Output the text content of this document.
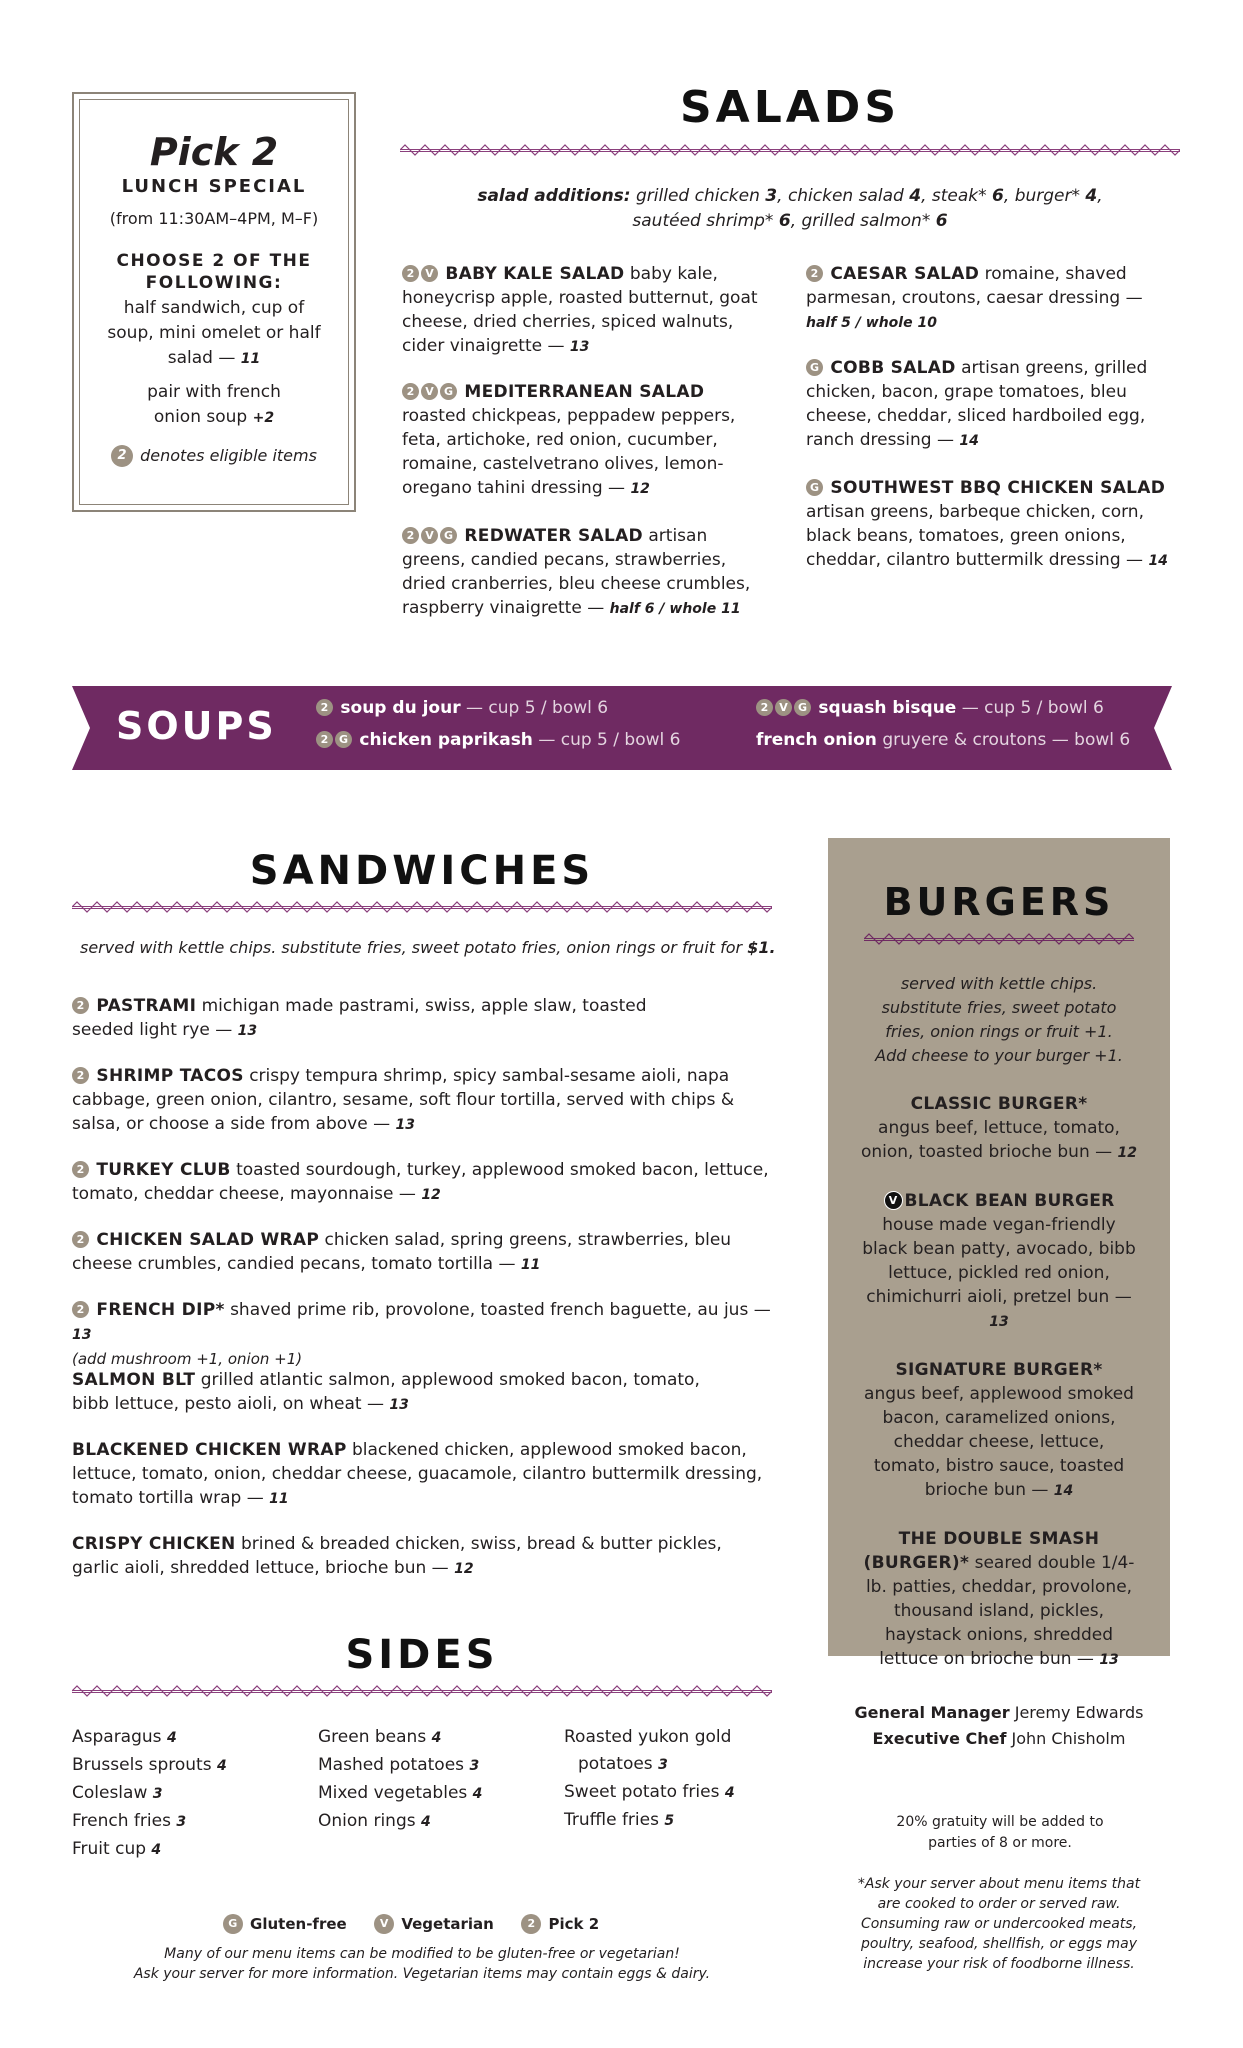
Pick 2
LUNCH SPECIAL
(from 11:30AM–4PM, M–F)
CHOOSE 2 OF THE FOLLOWING:
half sandwich, cup of soup, mini omelet or half salad — 11
pair with french onion soup +2
2 denotes eligible items
SALADS
salad additions: grilled chicken 3, chicken salad 4, steak* 6, burger* 4,
sautéed shrimp* 6, grilled salmon* 6
2 V BABY KALE SALAD baby kale, honeycrisp apple, roasted butternut, goat cheese, dried cherries, spiced walnuts, cider vinaigrette — 13
2 V G MEDITERRANEAN SALAD roasted chickpeas, peppadew peppers, feta, artichoke, red onion, cucumber, romaine, castelvetrano olives, lemon-oregano tahini dressing — 12
2 V G REDWATER SALAD artisan greens, candied pecans, strawberries, dried cranberries, bleu cheese crumbles, raspberry vinaigrette — half 6 / whole 11
2 CAESAR SALAD romaine, shaved parmesan, croutons, caesar dressing —
half 5 / whole 10
G COBB SALAD artisan greens, grilled chicken, bacon, grape tomatoes, bleu cheese, cheddar, sliced hardboiled egg, ranch dressing — 14
G SOUTHWEST BBQ CHICKEN SALAD artisan greens, barbeque chicken, corn, black beans, tomatoes, green onions, cheddar, cilantro buttermilk dressing — 14
SOUPS	2 soup du jour — cup 5 / bowl 6
2 G chicken paprikash — cup 5 / bowl 6
2 V G squash bisque — cup 5 / bowl 6
french onion gruyere & croutons — bowl 6
SANDWICHES
served with kettle chips. substitute fries, sweet potato fries, onion rings or fruit for $1.
2 PASTRAMI michigan made pastrami, swiss, apple slaw, toasted seeded light rye — 13
2 SHRIMP TACOS crispy tempura shrimp, spicy sambal-sesame aioli, napa cabbage, green onion, cilantro, sesame, soft flour tortilla, served with chips & salsa, or choose a side from above — 13
2 TURKEY CLUB toasted sourdough, turkey, applewood smoked bacon, lettuce, tomato, cheddar cheese, mayonnaise — 12
2 CHICKEN SALAD WRAP chicken salad, spring greens, strawberries, bleu cheese crumbles, candied pecans, tomato tortilla — 11
2 FRENCH DIP* shaved prime rib, provolone, toasted french baguette, au jus — 13
(add mushroom +1, onion +1)
SALMON BLT grilled atlantic salmon, applewood smoked bacon, tomato, bibb lettuce, pesto aioli, on wheat — 13
BLACKENED CHICKEN WRAP blackened chicken, applewood smoked bacon, lettuce, tomato, onion, cheddar cheese, guacamole, cilantro buttermilk dressing, tomato tortilla wrap — 11
CRISPY CHICKEN brined & breaded chicken, swiss, bread & butter pickles, garlic aioli, shredded lettuce, brioche bun — 12
BURGERS
served with kettle chips. substitute fries, sweet potato fries, onion rings or fruit +1. Add cheese to your burger +1.
CLASSIC BURGER*
angus beef, lettuce, tomato, onion, toasted brioche bun — 12
V BLACK BEAN BURGER
house made vegan-friendly black bean patty, avocado, bibb lettuce, pickled red onion, chimichurri aioli, pretzel bun — 13
SIGNATURE BURGER*
angus beef, applewood smoked bacon, caramelized onions, cheddar cheese, lettuce, tomato, bistro sauce, toasted brioche bun — 14
THE DOUBLE SMASH (BURGER)* seared double 1/4-lb. patties, cheddar, provolone, thousand island, pickles, haystack onions, shredded lettuce on brioche bun — 13
SIDES
Asparagus 4
Brussels sprouts 4
Coleslaw 3
French fries 3
Fruit cup 4
Green beans 4
Mashed potatoes 3
Mixed vegetables 4
Onion rings 4
Roasted yukon gold potatoes 3
Sweet potato fries 4
Truffle fries 5
G Gluten-free	V Vegetarian	2 Pick 2
Many of our menu items can be modified to be gluten-free or vegetarian!
Ask your server for more information. Vegetarian items may contain eggs & dairy.
General Manager Jeremy Edwards
Executive Chef John Chisholm
20% gratuity will be added to parties of 8 or more.
*Ask your server about menu items that are cooked to order or served raw. Consuming raw or undercooked meats, poultry, seafood, shellfish, or eggs may increase your risk of foodborne illness.
